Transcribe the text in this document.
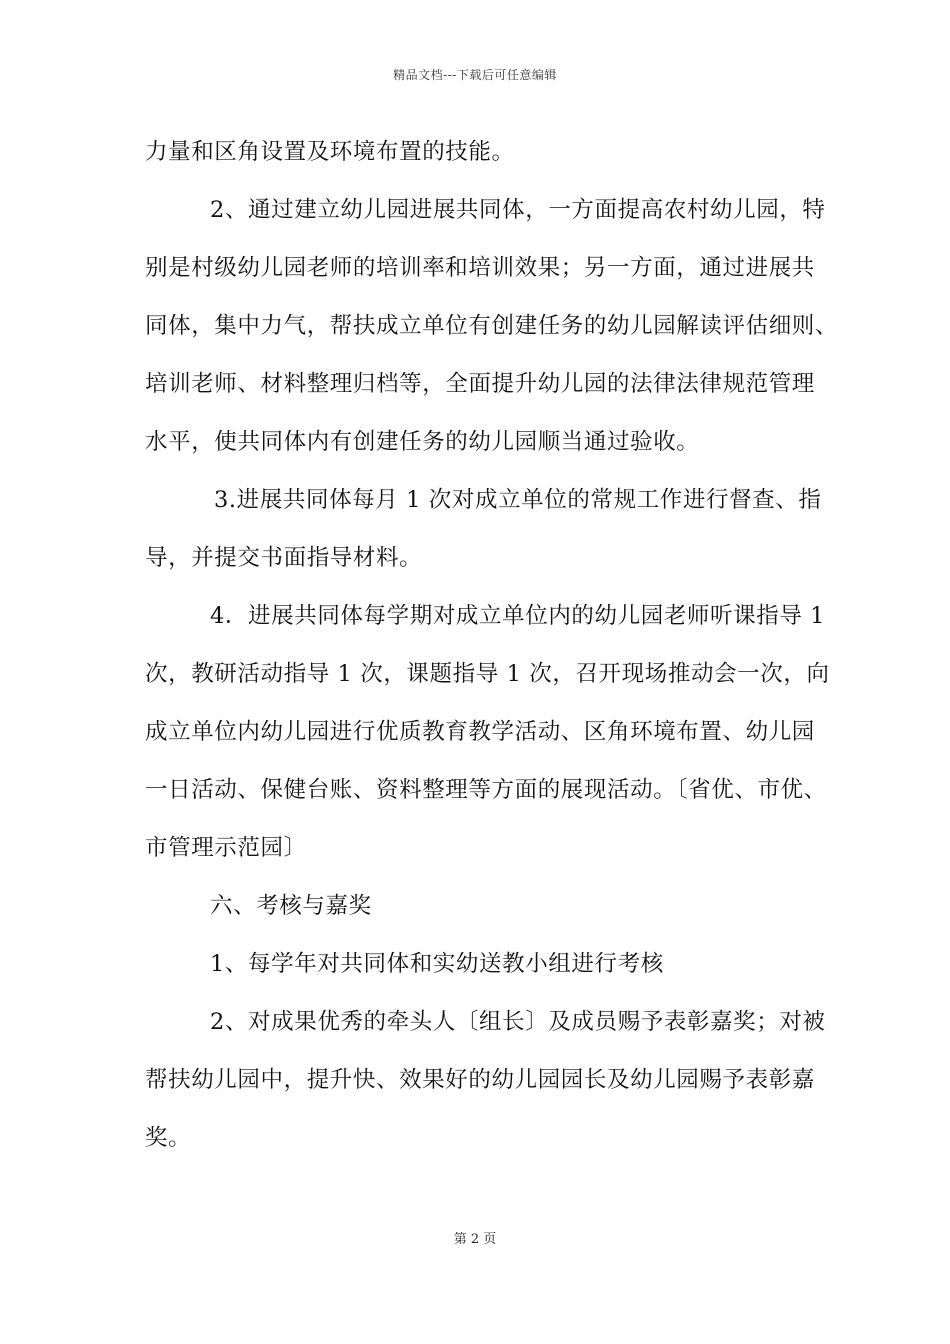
精品文档---下载后可任意编辑
力量和区角设置及环境布置的技能。
2、通过建立幼儿园进展共同体，一方面提高农村幼儿园，特
别是村级幼儿园老师的培训率和培训效果；另一方面，通过进展共
同体，集中力气，帮扶成立单位有创建任务的幼儿园解读评估细则、
培训老师、材料整理归档等，全面提升幼儿园的法律法律规范管理
水平，使共同体内有创建任务的幼儿园顺当通过验收。
3.进展共同体每月 1 次对成立单位的常规工作进行督查、指
导，并提交书面指导材料。
4．进展共同体每学期对成立单位内的幼儿园老师听课指导 1
次，教研活动指导 1 次，课题指导 1 次，召开现场推动会一次，向
成立单位内幼儿园进行优质教育教学活动、区角环境布置、幼儿园
一日活动、保健台账、资料整理等方面的展现活动。〔省优、市优、
市管理示范园〕
六、考核与嘉奖
1、每学年对共同体和实幼送教小组进行考核
2、对成果优秀的牵头人〔组长〕及成员赐予表彰嘉奖；对被
帮扶幼儿园中，提升快、效果好的幼儿园园长及幼儿园赐予表彰嘉
奖。
第 2 页
